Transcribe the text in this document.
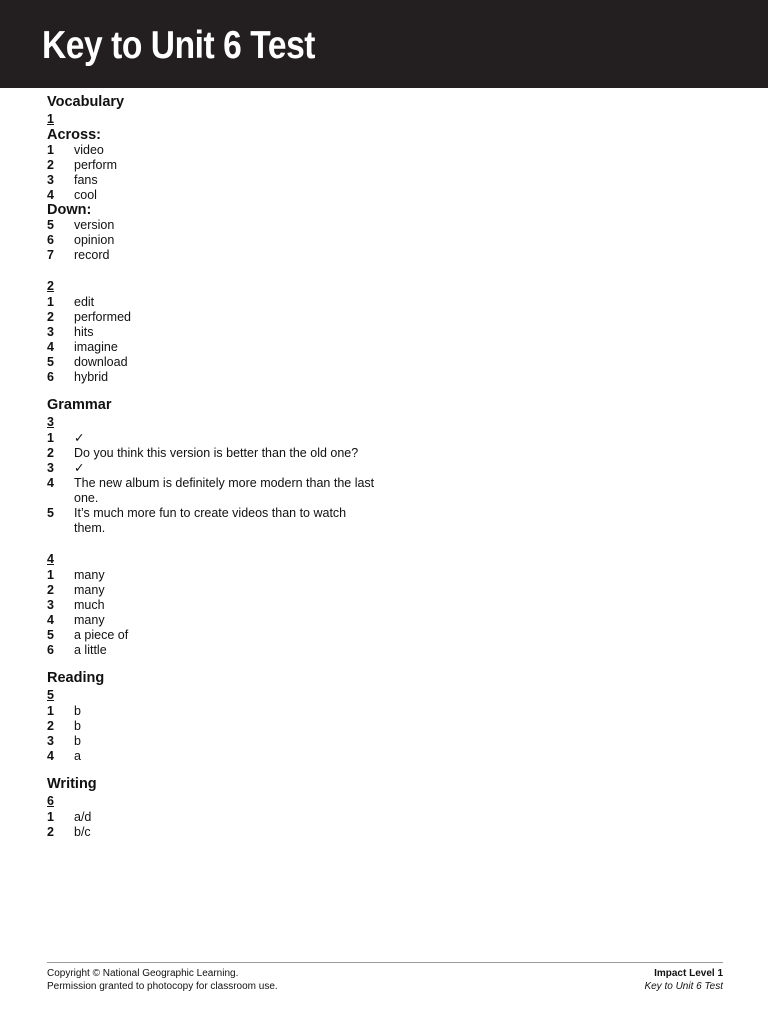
Key to Unit 6 Test
Vocabulary
1
Across:
1	video
2	perform
3	fans
4	cool
Down:
5	version
6	opinion
7	record
2
1	edit
2	performed
3	hits
4	imagine
5	download
6	hybrid
Grammar
3
1	✓
2	Do you think this version is better than the old one?
3	✓
4	The new album is definitely more modern than the last one.
5	It’s much more fun to create videos than to watch them.
4
1	many
2	many
3	much
4	many
5	a piece of
6	a little
Reading
5
1	b
2	b
3	b
4	a
Writing
6
1	a/d
2	b/c
Copyright © National Geographic Learning.
Permission granted to photocopy for classroom use.
Impact Level 1
Key to Unit 6 Test
